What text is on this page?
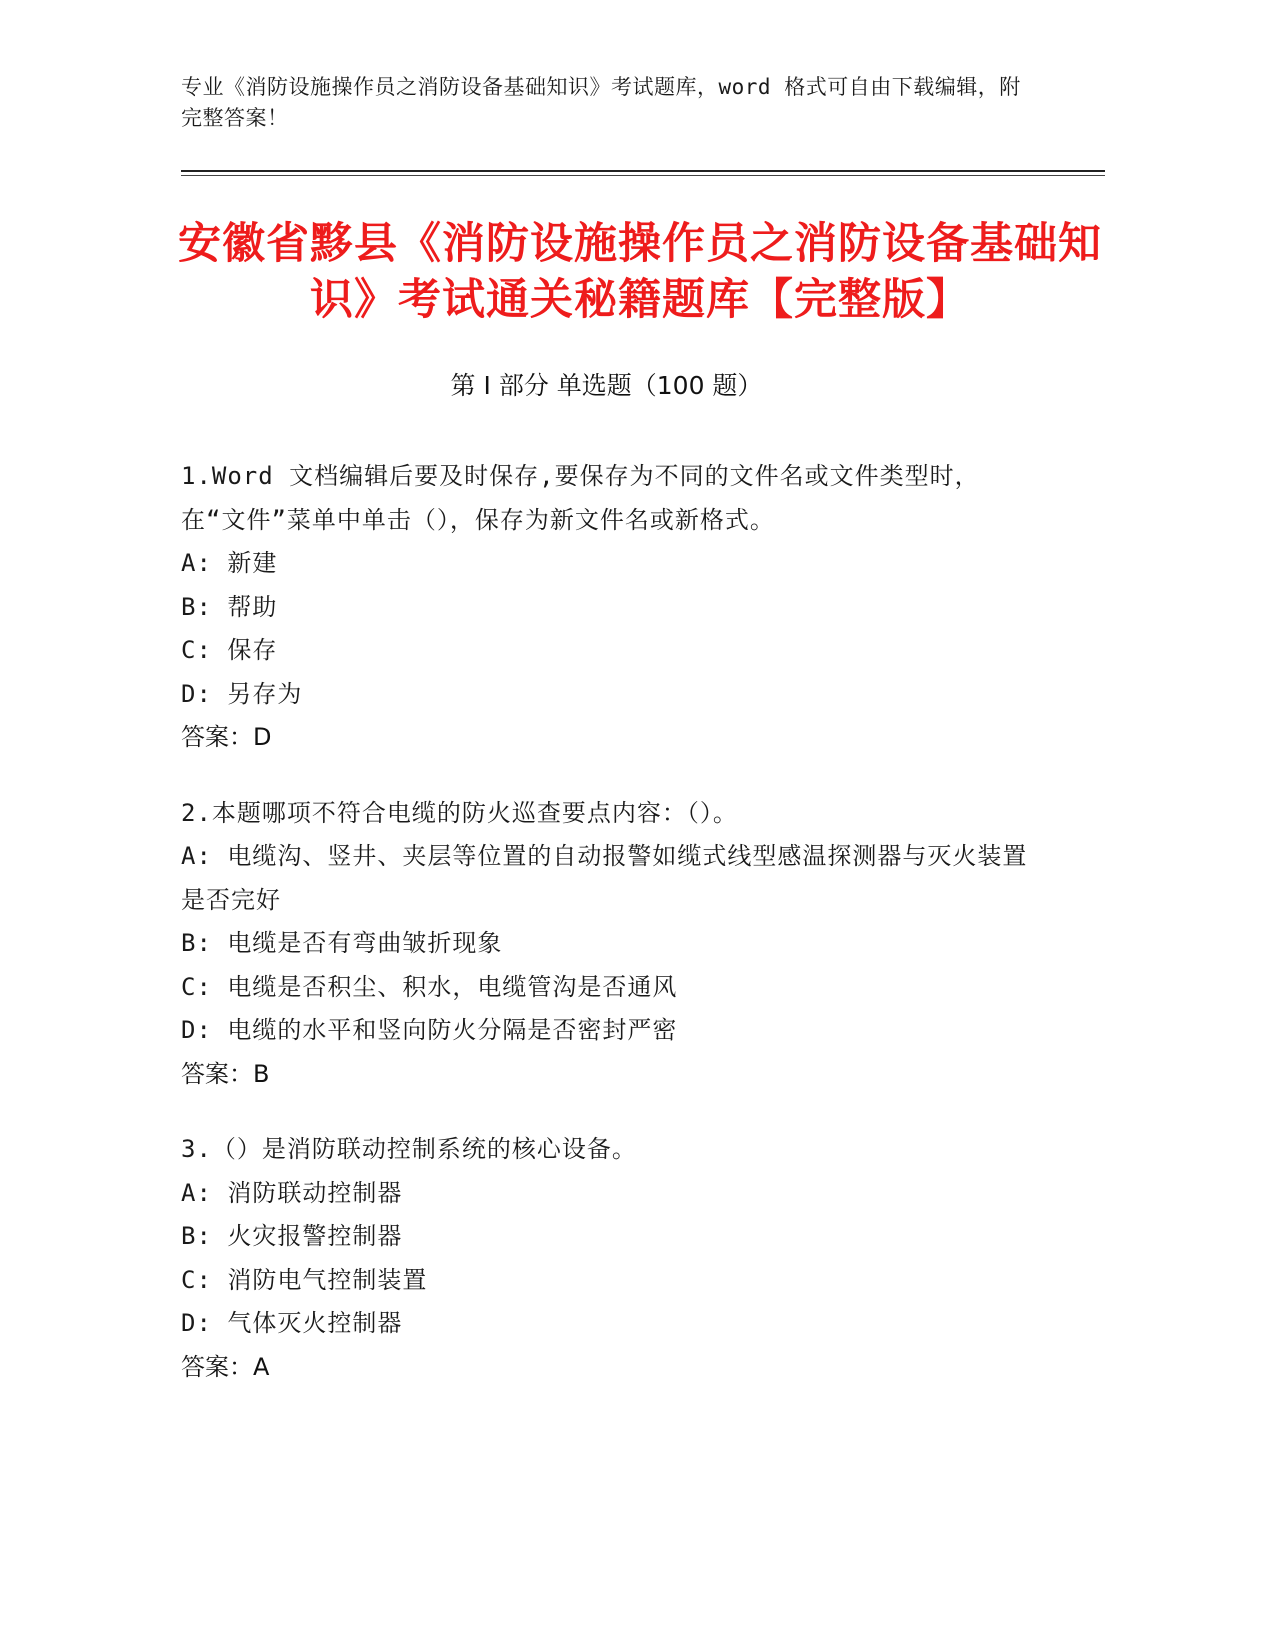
专业《消防设施操作员之消防设备基础知识》考试题库，word 格式可自由下载编辑，附完整答案！
安徽省黟县《消防设施操作员之消防设备基础知识》考试通关秘籍题库【完整版】
第 I 部分 单选题（100 题）
1.Word 文档编辑后要及时保存,要保存为不同的文件名或文件类型时，在“文件”菜单中单击（），保存为新文件名或新格式。
A: 新建
B: 帮助
C: 保存
D: 另存为
答案：D
2.本题哪项不符合电缆的防火巡查要点内容：（）。
A: 电缆沟、竖井、夹层等位置的自动报警如缆式线型感温探测器与灭火装置是否完好
B: 电缆是否有弯曲皱折现象
C: 电缆是否积尘、积水，电缆管沟是否通风
D: 电缆的水平和竖向防火分隔是否密封严密
答案：B
3.（）是消防联动控制系统的核心设备。
A: 消防联动控制器
B: 火灾报警控制器
C: 消防电气控制装置
D: 气体灭火控制器
答案：A
